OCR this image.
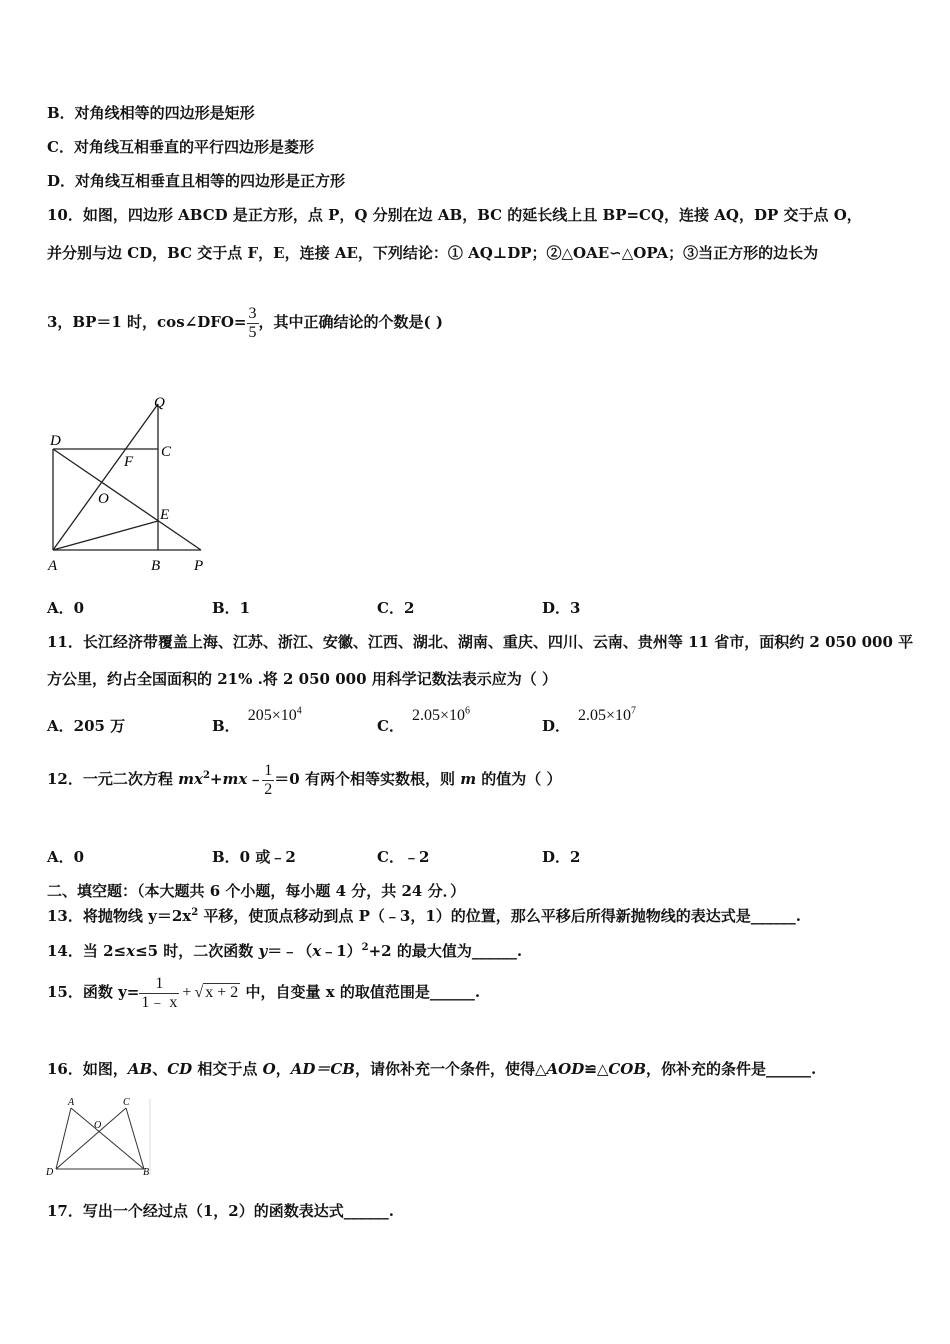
B．对角线相等的四边形是矩形
C．对角线互相垂直的平行四边形是菱形
D．对角线互相垂直且相等的四边形是正方形
10．如图，四边形 ABCD 是正方形，点 P，Q 分别在边 AB，BC 的延长线上且 BP=CQ，连接 AQ，DP 交于点 O，
并分别与边 CD，BC 交于点 F，E，连接 AE，下列结论：① AQ⊥DP；②△OAE∽△OPA；③当正方形的边长为
3，BP＝1 时，cos∠DFO= $\frac{3}{5}$ ，其中正确结论的个数是( )
D
C
Q
F
O
E
A	B P
A．0	B．1	C．2	D．3
11．长江经济带覆盖上海、江苏、浙江、安徽、江西、湖北、湖南、重庆、四川、云南、贵州等 11 省市，面积约 2 050 000 平
方公里，约占全国面积的 21% .将 2 050 000 用科学记数法表示应为（ ）
A．205 万	B．$205\times 10^4$
C．$2.05\times 10^6$
D．$2.05\times 10^7$
12．一元二次方程 $mx^2+mx﹣ \frac{1}{2} =0$ 有两个相等实数根，则 m 的值为（ ）
A．0	B．0 或﹣2	C．﹣2	D．2
二、填空题：（本大题共 6 个小题，每小题 4 分，共 24 分．）
13．将抛物线 $y=2x^2$ 平移，使顶点移动到点 P（﹣3，1）的位置，那么平移后所得新抛物线的表达式是______.
14．当 2≤x≤5 时，二次函数 y＝﹣（x﹣1）$^2$+2 的最大值为______.
15．函数 $y= \frac{1}{1﹣ x}$ + √ x + 2 中，自变量 x 的取值范围是______.
16．如图，AB、CD 相交于点 O，AD＝CB，请你补充一个条件，使得△AOD≌△COB，你补充的条件是______.
A	C
O
D	B
17．写出一个经过点（1，2）的函数表达式______.
